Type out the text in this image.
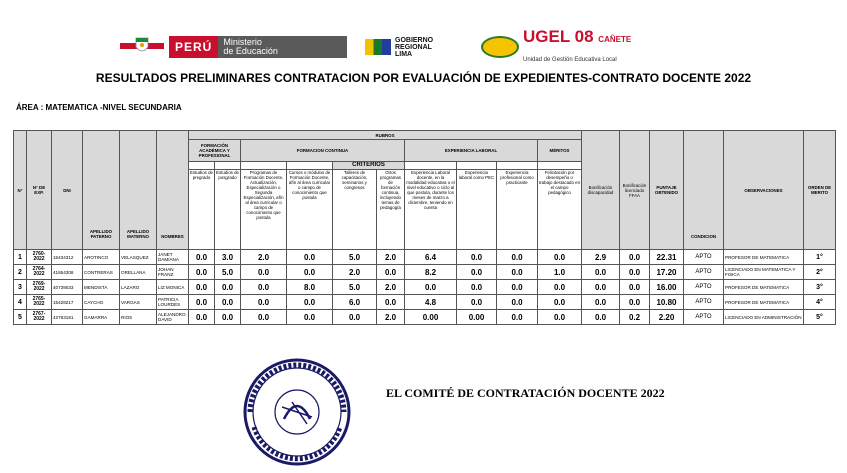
PERÚ	Ministerio
de Educación
GOBIERNO
REGIONAL
LIMA
UGEL 08 CAÑETE
Unidad de Gestión Educativa Local
RESULTADOS PRELIMINARES CONTRATACION POR EVALUACIÓN DE EXPEDIENTES-CONTRATO DOCENTE 2022
ÁREA : MATEMATICA -NIVEL SECUNDARIA
N°	N° DE EXP.	DNI	APELLIDO PATERNO	APELLIDO MATERNO	NOMBRES	RUBROS										Bonificación discapacidad	Bonificación licenciado FFAA	PUNTAJE OBTENIDO	CONDICION	OBSERVACIONES	ORDEN DE MERITO
						FORMACIÓN ACADÉMICA Y PROFESIONAL		FORMACION CONTINUA				EXPERIENCIA LABORAL			MÉRITOS						
										CRITERIOS											
						Estudios de pregrado	Estudios de posgrado	Programas de Formación Docente, Actualización, Especialización o Segunda Especialización, afín al área curricular o campo de conocimiento que postula	Cursos o módulos de Formación Docente, afín al área curricular o campo de conocimiento que postula	Talleres de capacitación, seminarios y congresos	Otros programas de formación continua, incluyendo temas de pedagogía	Experiencia Laboral docente, en la modalidad educativa o el nivel educativo o ciclo al que postula, durante los meses de marzo a diciembre, teniendo en cuenta	Experiencia laboral como PEC	Experiencia profesional como practicante	Felicitación por desempeño o trabajo destacado en el campo pedagógico						
1	2760-2022	15434312	AROTINCO	VELASQUEZ	JANET DAMIANA	0.0	3.0	2.0	0.0	5.0	2.0	6.4	0.0	0.0	0.0	2.9	0.0	22.31	APTO	PROFESOR DE MATEMATICA	1°
2	2764-2022	41654308	CONTRERAS	ORELLANA	JOHAN FRANZ	0.0	5.0	0.0	0.0	2.0	0.0	8.2	0.0	0.0	1.0	0.0	0.0	17.20	APTO	LICENCIADO EN MATEMATICA Y FISICA	2°
3	2769-2022	40739033	MENDISTA	LAZARO	LIZ MONICA	0.0	0.0	0.0	8.0	5.0	2.0	0.0	0.0	0.0	0.0	0.0	0.0	16.00	APTO	PROFESOR DE MATEMATICA	3°
4	2765-2022	15428217	CAYCHO	VARGAS	PATRICIA LOURDES	0.0	0.0	0.0	0.0	6.0	0.0	4.8	0.0	0.0	0.0	0.0	0.0	10.80	APTO	PROFESOR DE MATEMATICA	4°
5	2767-2022	42763181	GAMARRA	RIOS	ALEJANDRO DAVID	0.0	0.0	0.0	0.0	0.0	2.0	0.00	0.00	0.0	0.0	0.0	0.2	2.20	APTO	LICENCIADO EN ADMINISTRACIÓN	5°
EL COMITÉ DE CONTRATACIÓN DOCENTE 2022
